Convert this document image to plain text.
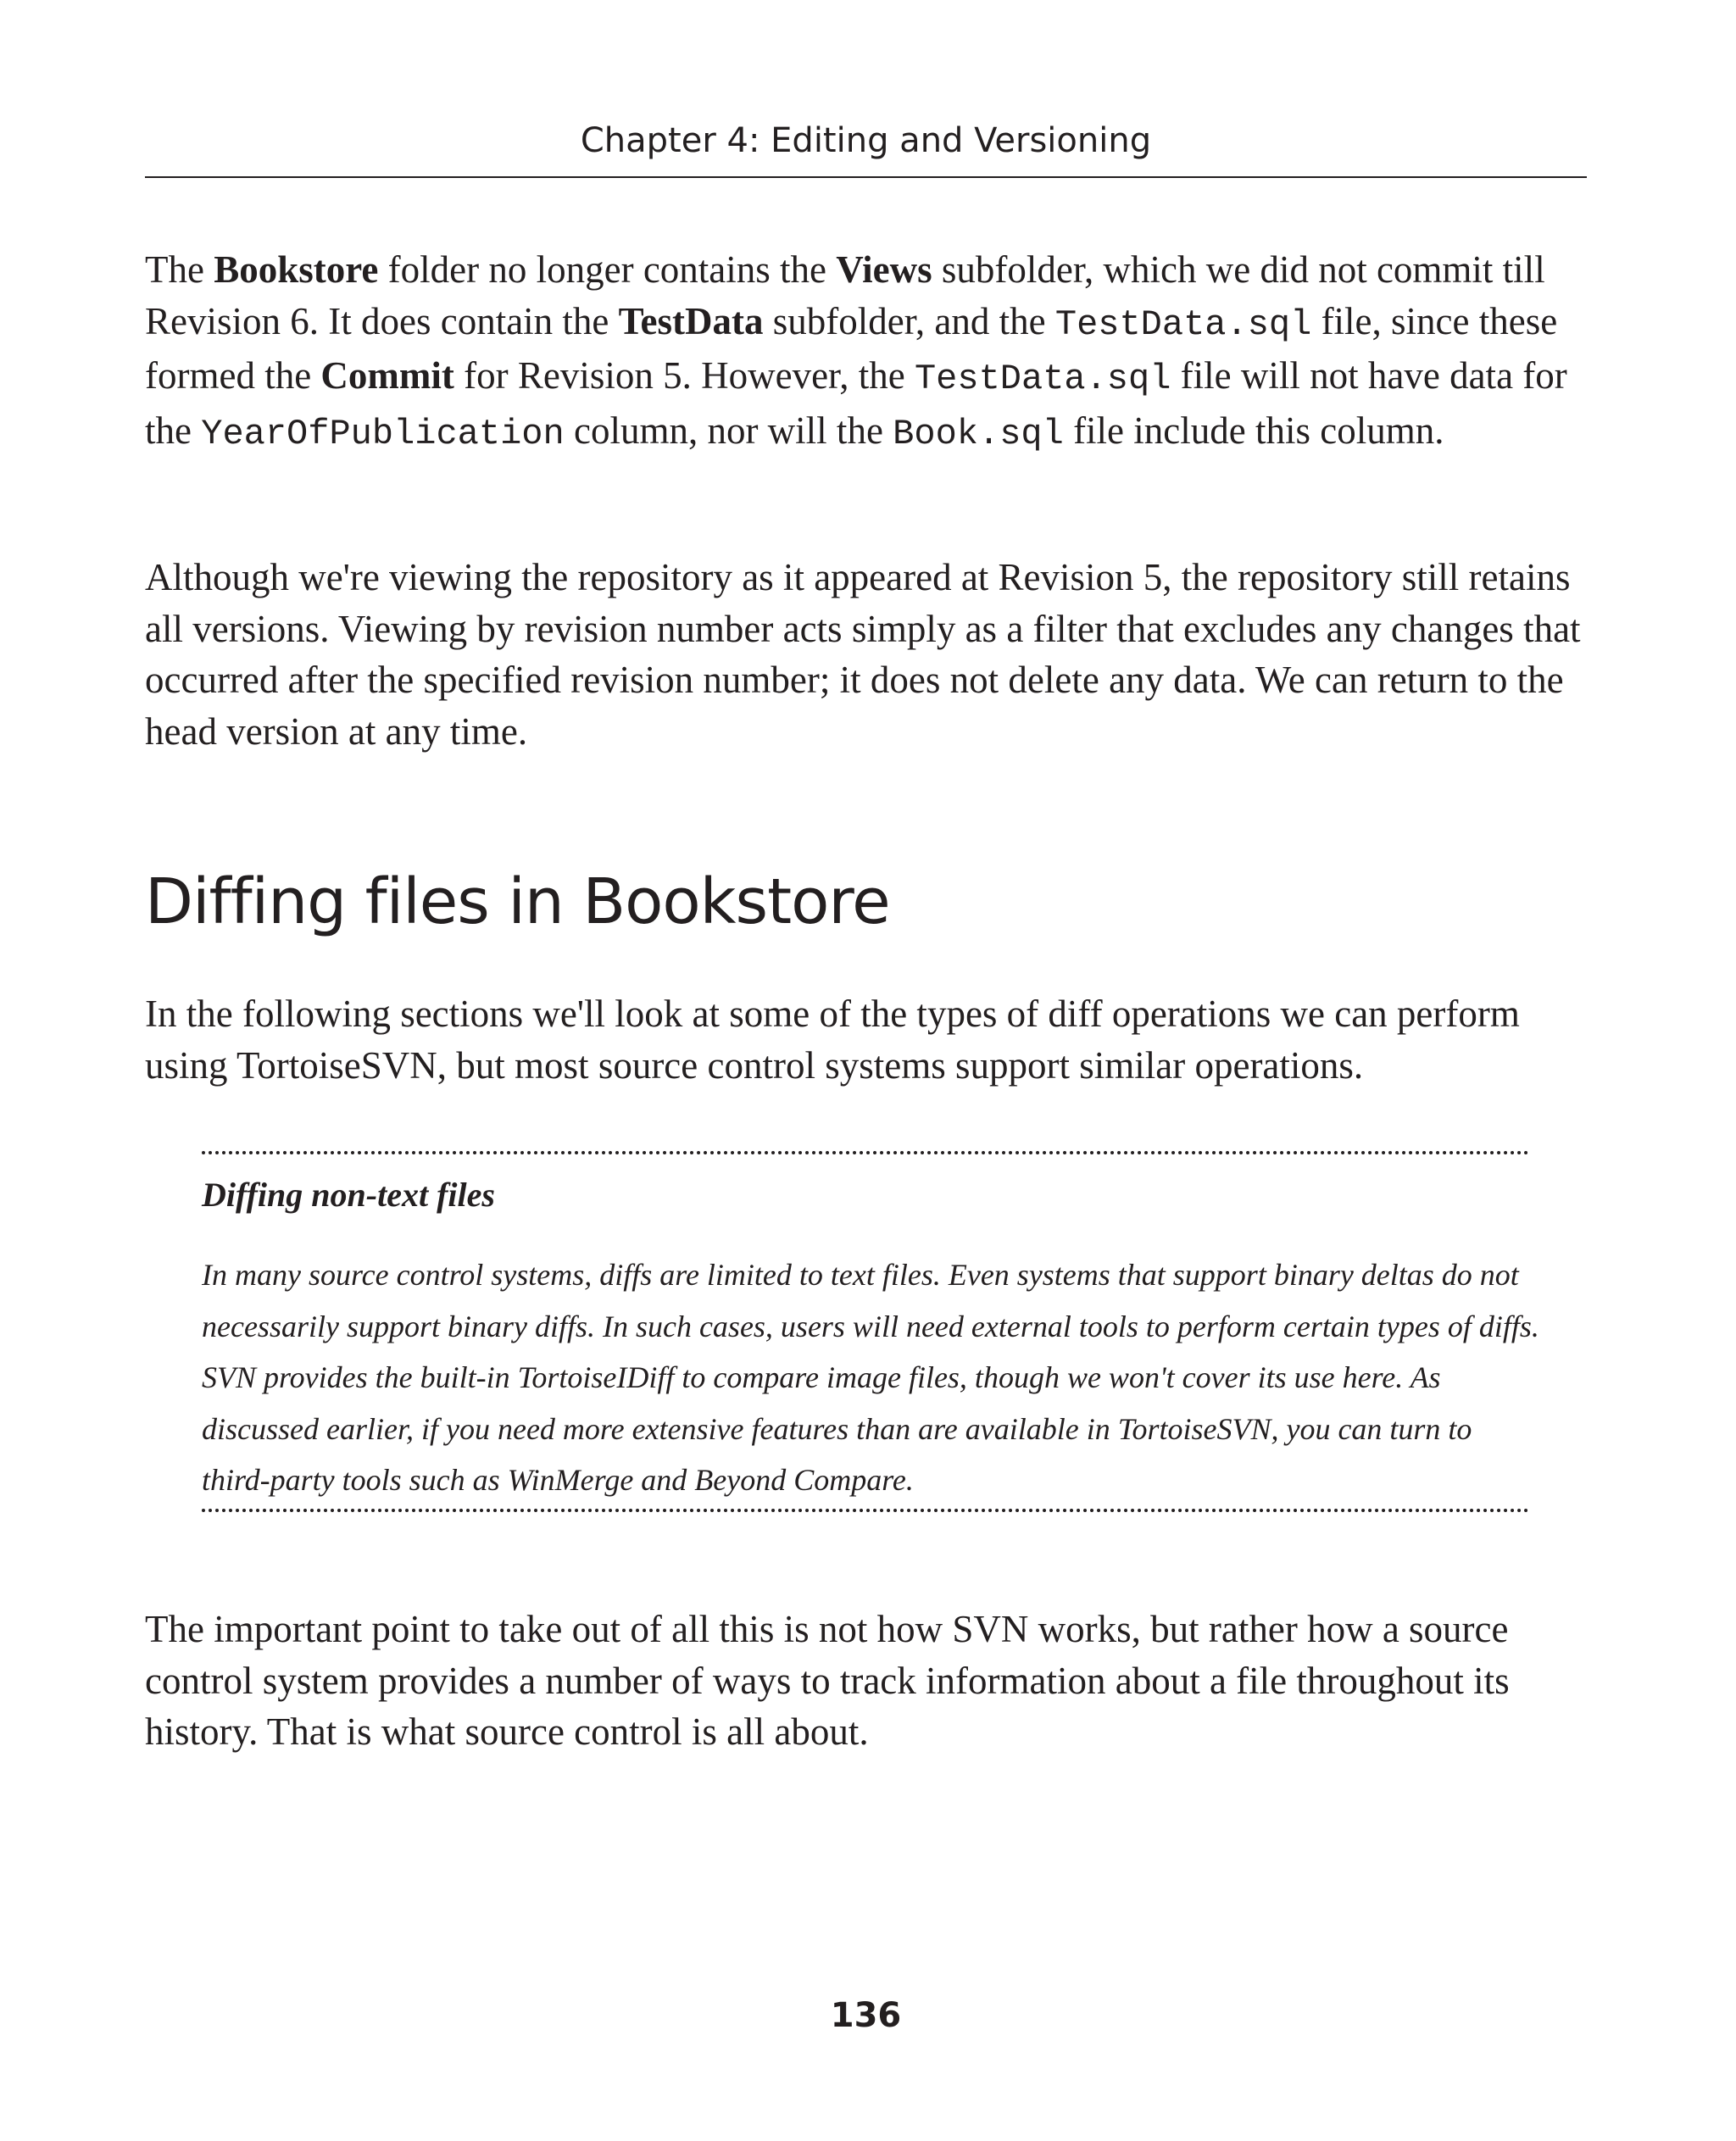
Chapter 4: Editing and Versioning

The Bookstore folder no longer contains the Views subfolder, which we did not commit till Revision 6. It does contain the TestData subfolder, and the TestData.sql file, since these formed the Commit for Revision 5. However, the TestData.sql file will not have data for the YearOfPublication column, nor will the Book.sql file include this column.

Although we're viewing the repository as it appeared at Revision 5, the repository still retains all versions. Viewing by revision number acts simply as a filter that excludes any changes that occurred after the specified revision number; it does not delete any data. We can return to the head version at any time.

Diffing files in Bookstore

In the following sections we'll look at some of the types of diff operations we can perform using TortoiseSVN, but most source control systems support similar operations.

Diffing non-text files

In many source control systems, diffs are limited to text files. Even systems that support binary deltas do not necessarily support binary diffs. In such cases, users will need external tools to perform certain types of diffs. SVN provides the built-in TortoiseIDiff to compare image files, though we won't cover its use here. As discussed earlier, if you need more extensive features than are available in TortoiseSVN, you can turn to third-party tools such as WinMerge and Beyond Compare.

The important point to take out of all this is not how SVN works, but rather how a source control system provides a number of ways to track information about a file throughout its history. That is what source control is all about.

136
